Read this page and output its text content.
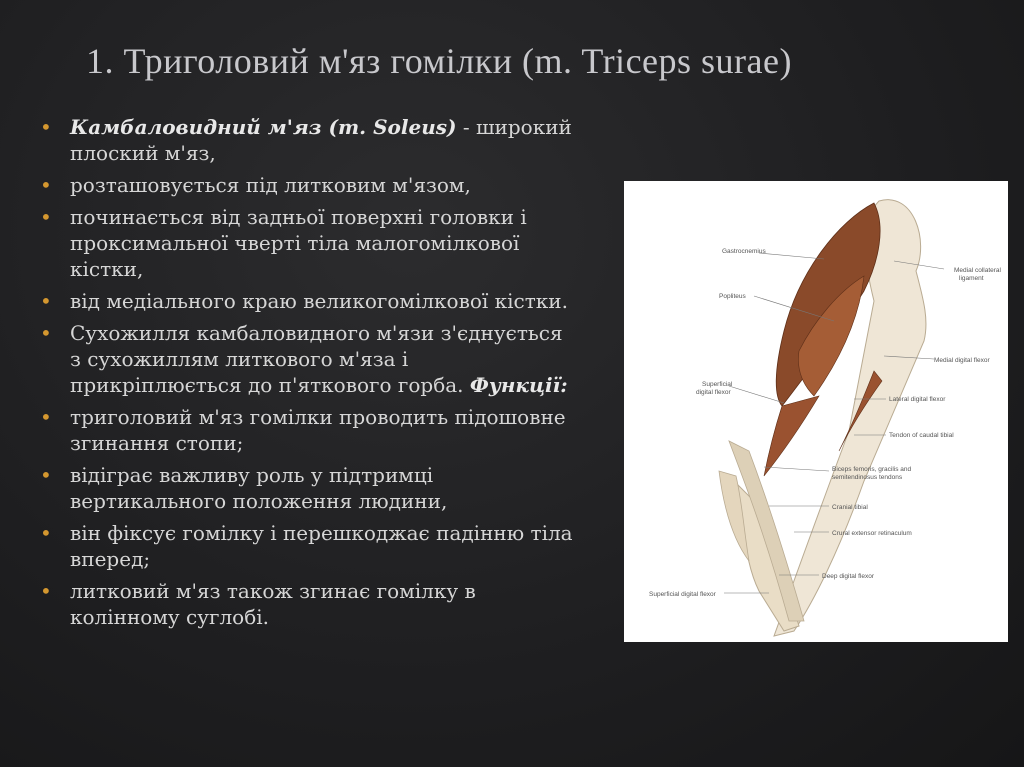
1. Триголовий м'яз гомілки (m. Triceps surae)
• Камбаловидний м'яз (m. Soleus) - широкий
плоский м'яз,
• розташовується під литковим м'язом,
• починається від задньої поверхні головки і
проксимальної чверті тіла малогомілкової
кістки,
• від медіального краю великогомілкової кістки.
• Сухожилля камбаловидного м'язи з'єднується
з сухожиллям литкового м'яза і
прикріплюється до п'яткового горба. Функції:
• триголовий м'яз гомілки проводить підошовне
згинання стопи;
• відіграє важливу роль у підтримці
вертикального положення людини,
• він фіксує гомілку і перешкоджає падінню тіла
вперед;
• литковий м'яз також згинає гомілку в
колінному суглобі.
Gastrocnemius
Medial collateral
ligament
Popliteus
Medial digital flexor
Superficial
digital flexor
Lateral digital flexor
Tendon of caudal tibial
Biceps femoris, gracilis and
semitendinosus tendons
Cranial tibial
Crural extensor retinaculum
Deep digital flexor
Superficial digital flexor
